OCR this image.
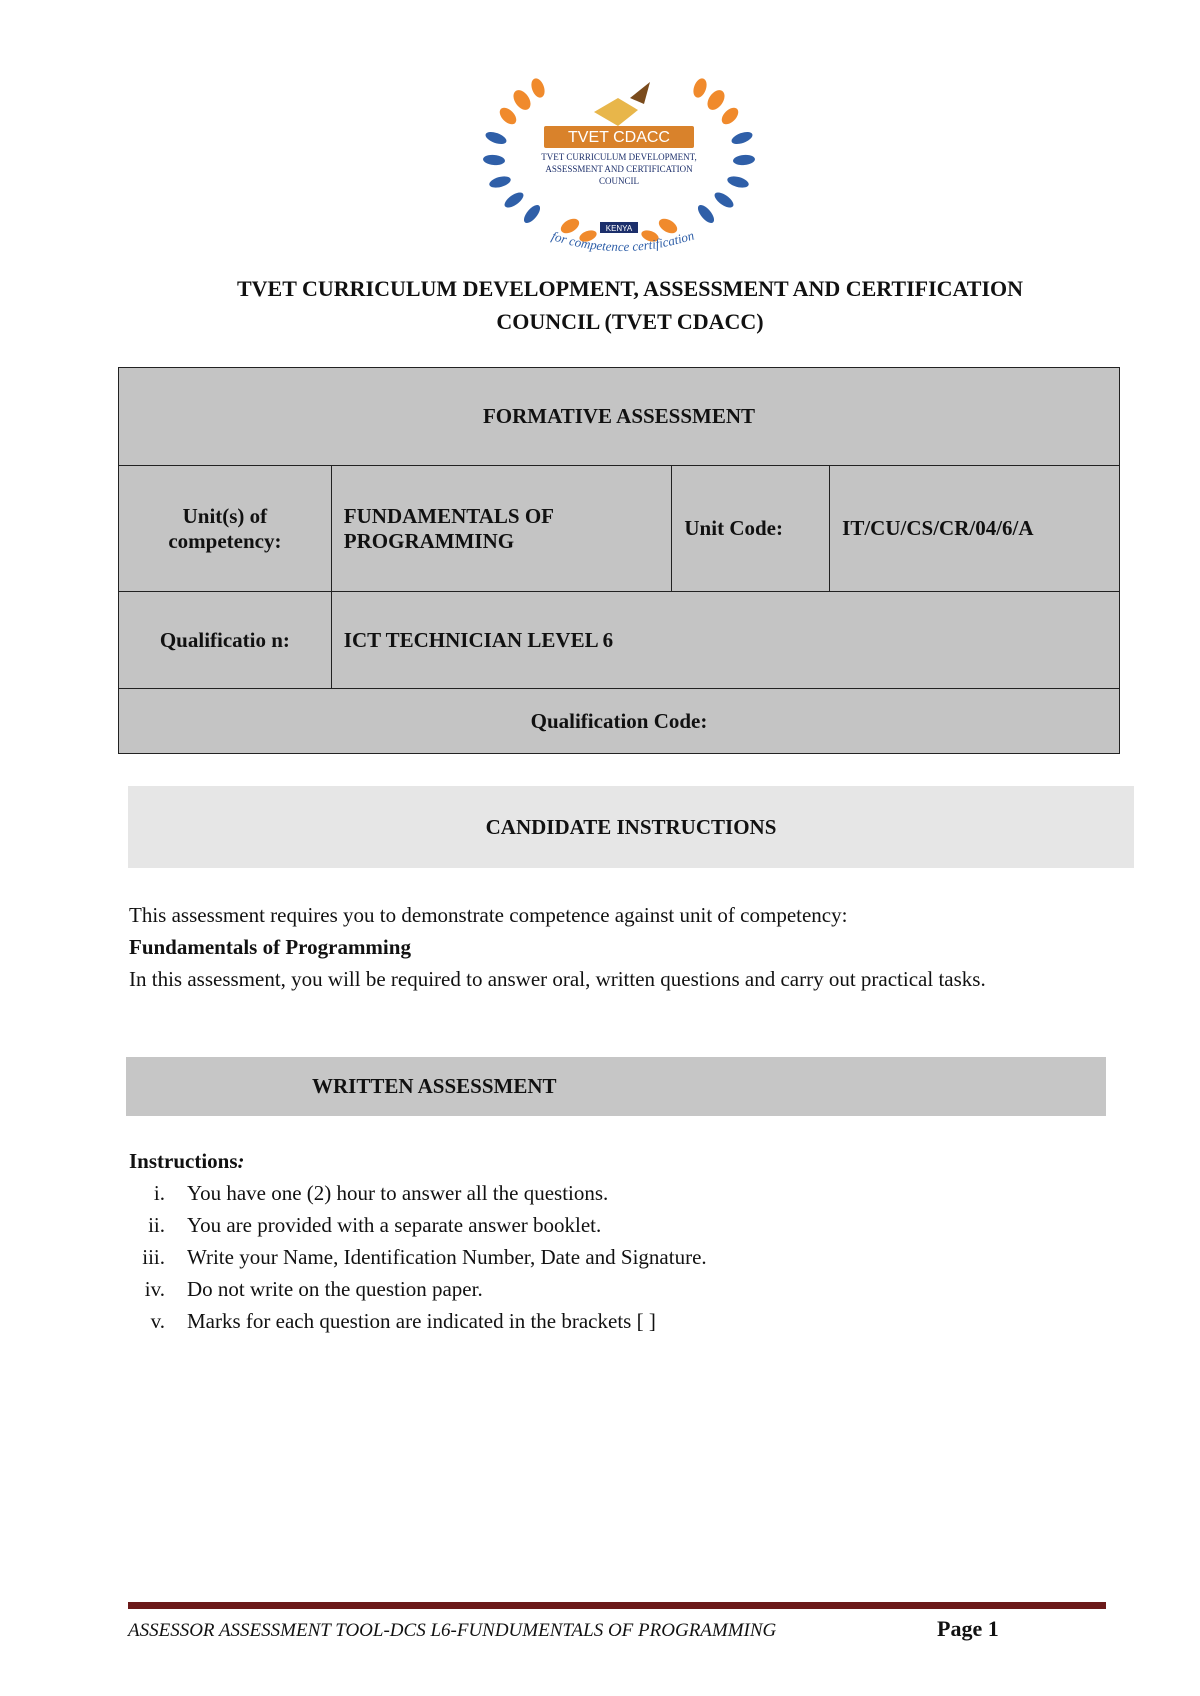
TVET CDACC
TVET CURRICULUM DEVELOPMENT,
ASSESSMENT AND CERTIFICATION
COUNCIL
KENYA
for competence certification
TVET CURRICULUM DEVELOPMENT, ASSESSMENT AND CERTIFICATION
COUNCIL (TVET CDACC)
FORMATIVE ASSESSMENT			
Unit(s) of competency:	FUNDAMENTALS OF PROGRAMMING	Unit Code:	IT/CU/CS/CR/04/6/A
Qualificatio n:	ICT TECHNICIAN LEVEL 6		
Qualification Code:			
CANDIDATE INSTRUCTIONS

This assessment requires you to demonstrate competence against unit of competency:

Fundamentals of Programming

In this assessment, you will be required to answer oral, written questions and carry out practical tasks.

WRITTEN ASSESSMENT

Instructions:

i. You have one (2) hour to answer all the questions.
ii. You are provided with a separate answer booklet.
iii. Write your Name, Identification Number, Date and Signature.
iv. Do not write on the question paper.
v. Marks for each question are indicated in the brackets [ ]
ASSESSOR ASSESSMENT TOOL-DCS L6-FUNDUMENTALS OF PROGRAMMING	Page 1
